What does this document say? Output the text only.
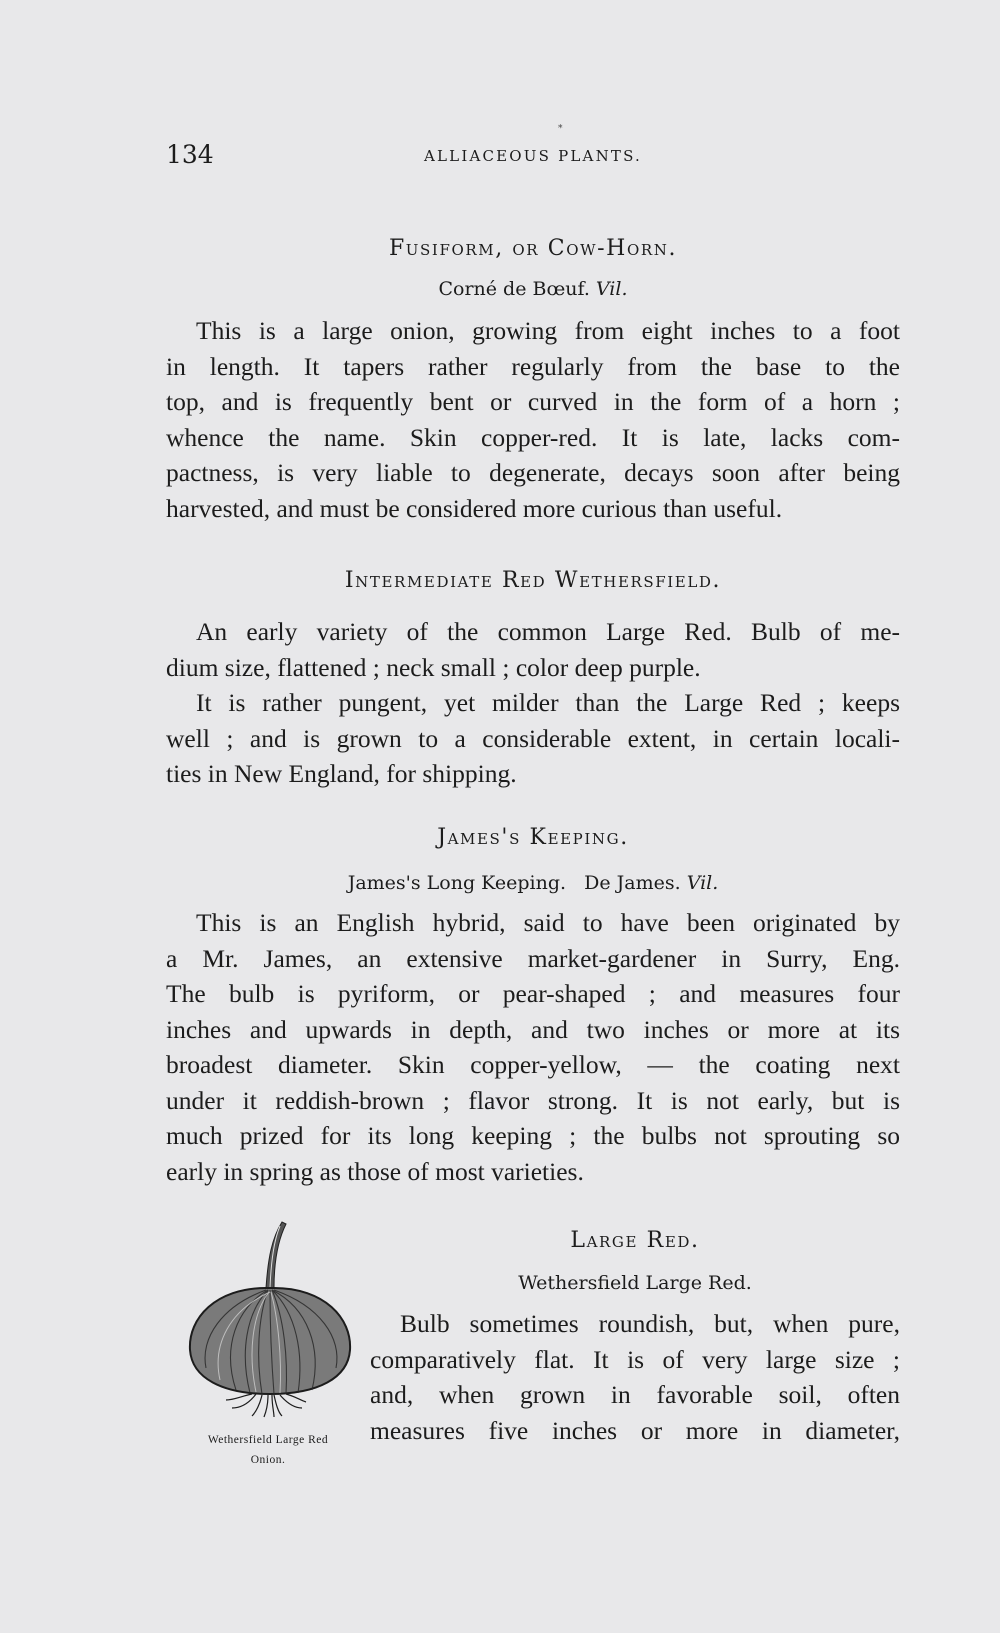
134
*
ALLIACEOUS PLANTS.
Fusiform, or Cow-Horn.
Corné de Bœuf. Vil.
This is a large onion, growing from eight inches to a foot
in length. It tapers rather regularly from the base to the
top, and is frequently bent or curved in the form of a horn ;
whence the name. Skin copper-red. It is late, lacks com-
pactness, is very liable to degenerate, decays soon after being
harvested, and must be considered more curious than useful.
Intermediate Red Wethersfield.
An early variety of the common Large Red. Bulb of me-
dium size, flattened ; neck small ; color deep purple.
It is rather pungent, yet milder than the Large Red ; keeps
well ; and is grown to a considerable extent, in certain locali-
ties in New England, for shipping.
James's Keeping.
James's Long Keeping.   De James. Vil.
This is an English hybrid, said to have been originated by
a Mr. James, an extensive market-gardener in Surry, Eng.
The bulb is pyriform, or pear-shaped ; and measures four
inches and upwards in depth, and two inches or more at its
broadest diameter. Skin copper-yellow, — the coating next
under it reddish-brown ; flavor strong. It is not early, but is
much prized for its long keeping ; the bulbs not sprouting so
early in spring as those of most varieties.
Wethersfield Large Red
Onion.
Large Red.
Wethersfield Large Red.
Bulb sometimes roundish, but, when pure,
comparatively flat. It is of very large size ;
and, when grown in favorable soil, often
measures five inches or more in diameter,
